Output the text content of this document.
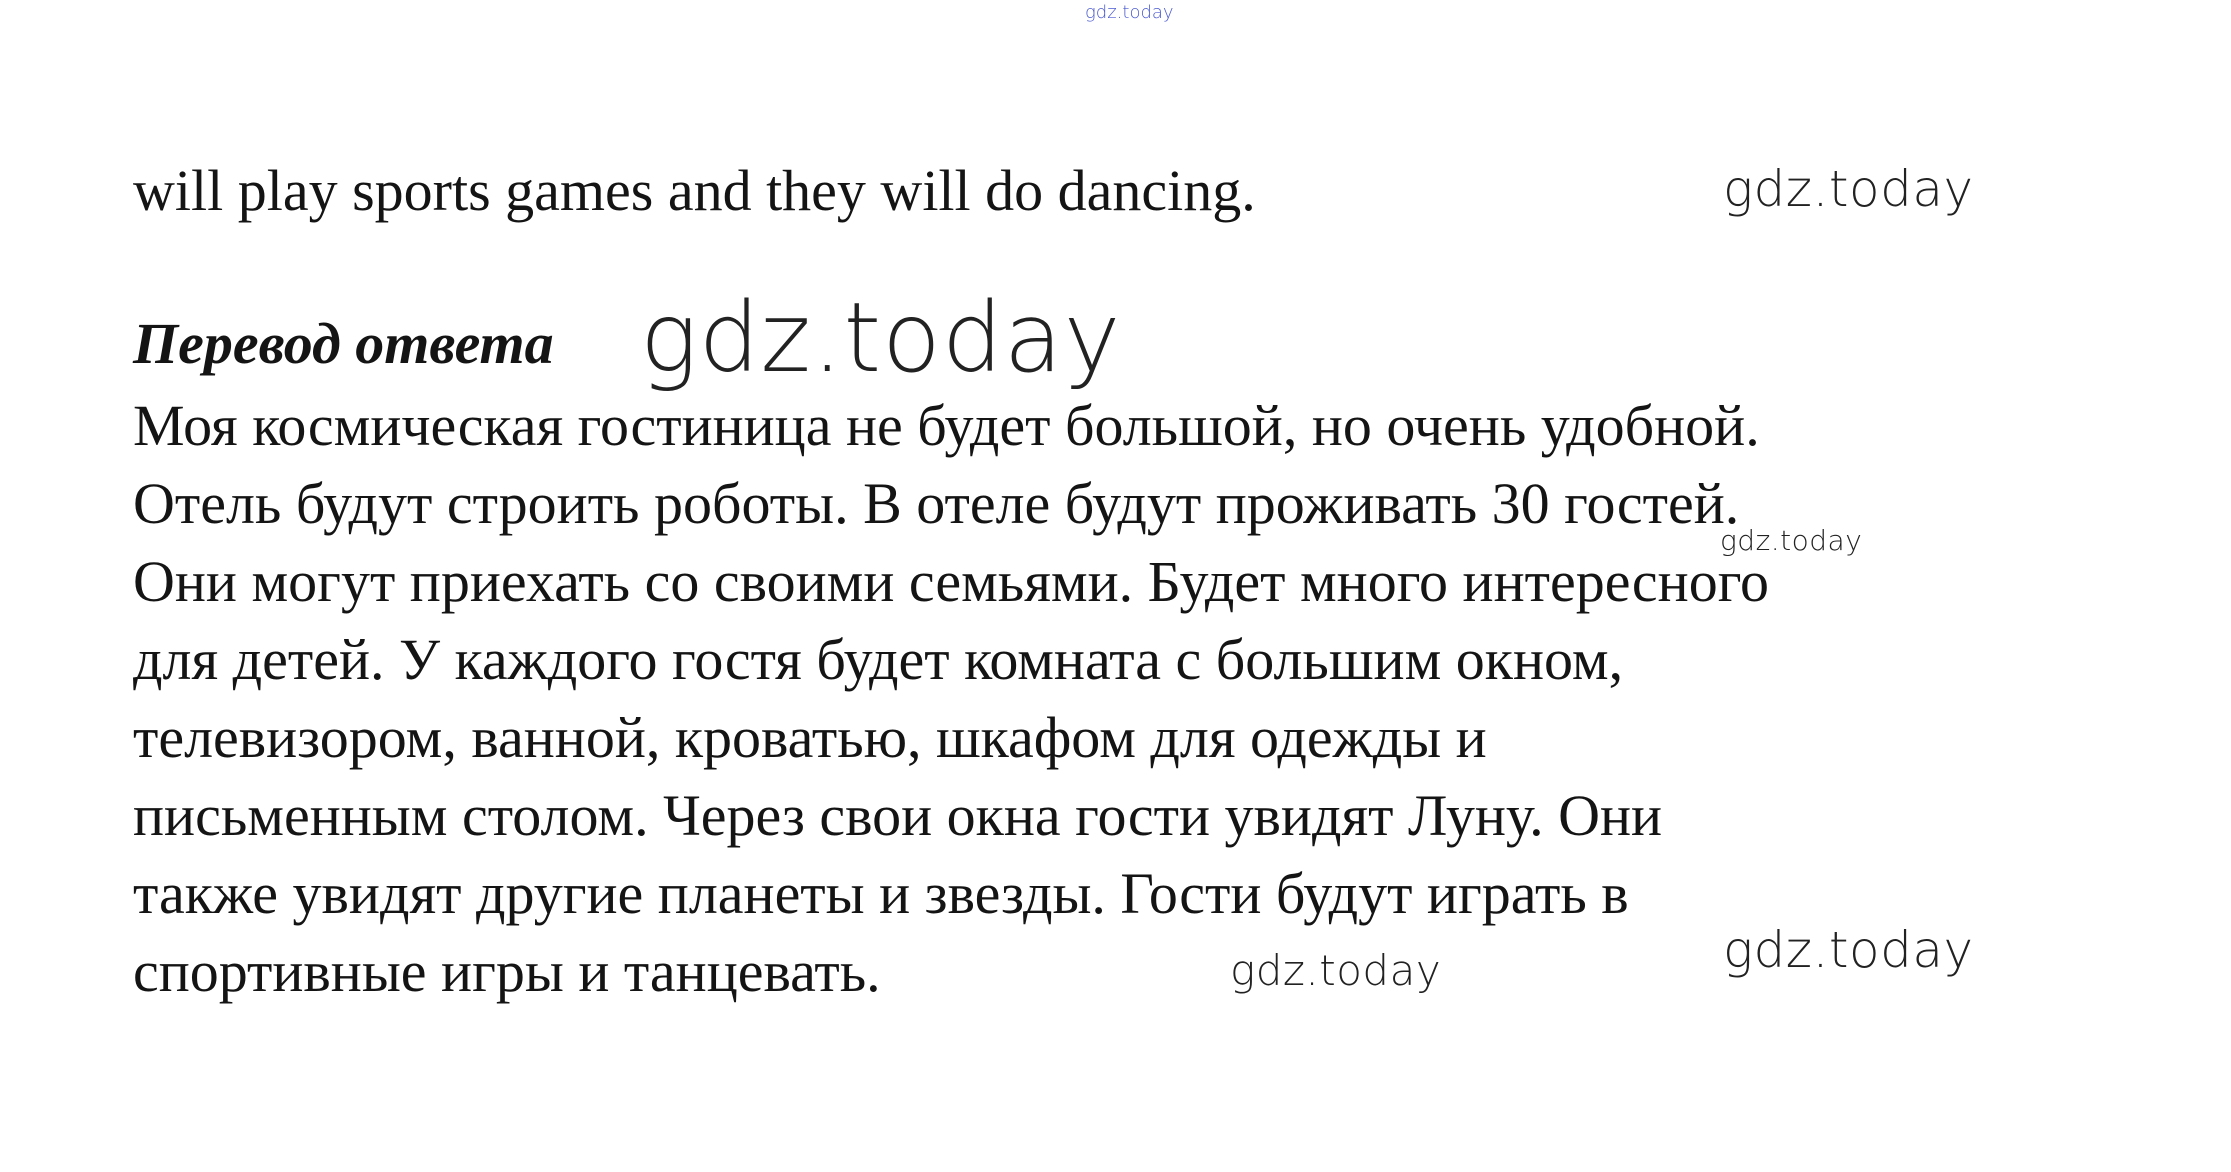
gdz.today
will play sports games and they will do dancing.	gdz.today
Перевод ответа gdz.today
Моя космическая гостиница не будет большой, но очень удобной.
Отель будут строить роботы. В отеле будут проживать 30 гостей.
gdz.today
Они могут приехать со своими семьями. Будет много интересного
для детей. У каждого гостя будет комната с большим окном,
телевизором, ванной, кроватью, шкафом для одежды и
письменным столом. Через свои окна гости увидят Луну. Они
также увидят другие планеты и звезды. Гости будут играть в
gdz.today
спортивные игры и танцевать.	gdz.today
